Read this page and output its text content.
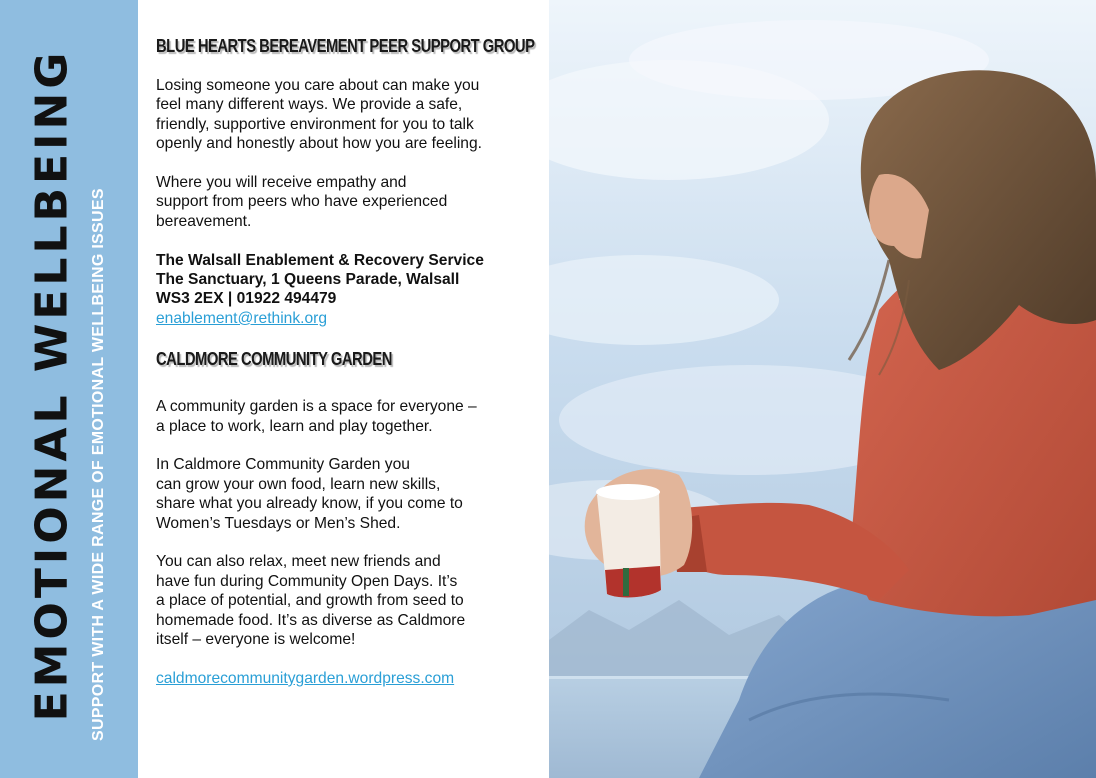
EMOTIONAL WELLBEING SUPPORT WITH A WIDE RANGE OF EMOTIONAL WELLBEING ISSUES
BLUE HEARTS BEREAVEMENT PEER SUPPORT GROUP

Losing someone you care about can make you
feel many different ways. We provide a safe,
friendly, supportive environment for you to talk
openly and honestly about how you are feeling.

Where you will receive empathy and
support from peers who have experienced
bereavement.

The Walsall Enablement & Recovery Service
The Sanctuary, 1 Queens Parade, Walsall
WS3 2EX | 01922 494479

enablement@rethink.org

CALDMORE COMMUNITY GARDEN

A community garden is a space for everyone –
a place to work, learn and play together.

In Caldmore Community Garden you
can grow your own food, learn new skills,
share what you already know, if you come to
Women’s Tuesdays or Men’s Shed.

You can also relax, meet new friends and
have fun during Community Open Days. It’s
a place of potential, and growth from seed to
homemade food. It’s as diverse as Caldmore
itself – everyone is welcome!

caldmorecommunitygarden.wordpress.com
